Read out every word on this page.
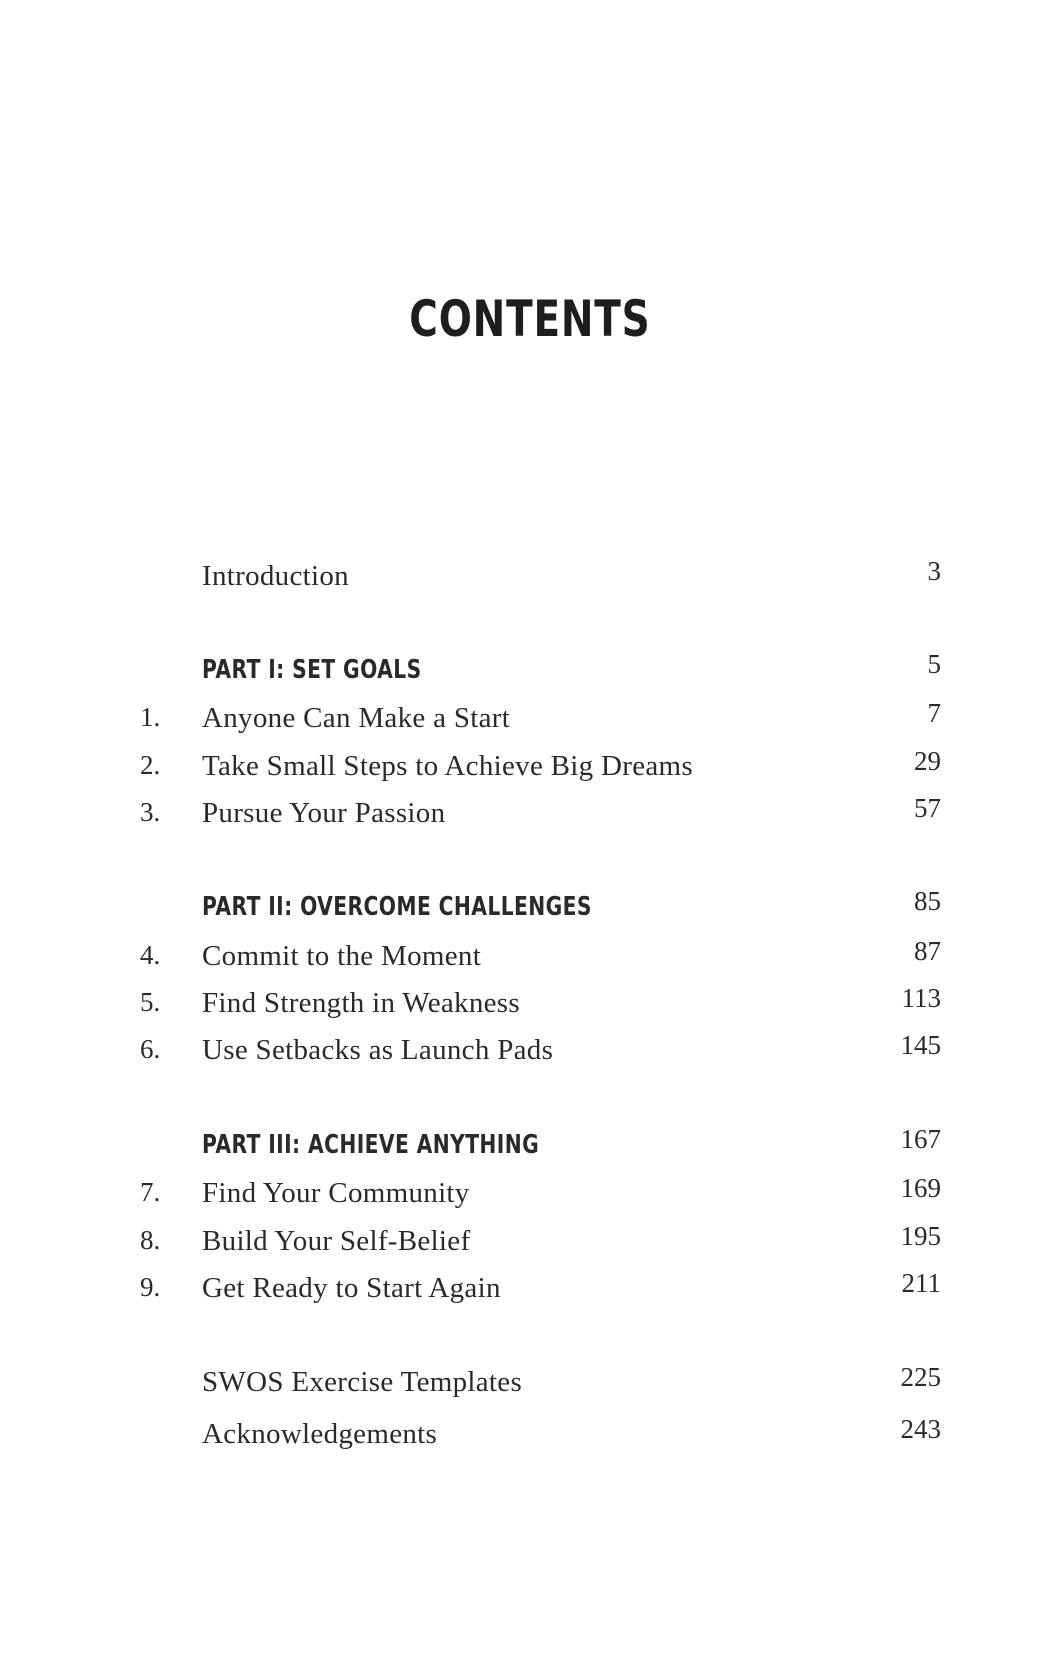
CONTENTS
Introduction	3
PART I: SET GOALS	5
1. Anyone Can Make a Start	7
2. Take Small Steps to Achieve Big Dreams	29
3. Pursue Your Passion	57
PART II: OVERCOME CHALLENGES	85
4. Commit to the Moment	87
5. Find Strength in Weakness	113
6. Use Setbacks as Launch Pads	145
PART III: ACHIEVE ANYTHING	167
7. Find Your Community	169
8. Build Your Self-Belief	195
9. Get Ready to Start Again	211
SWOS Exercise Templates	225
Acknowledgements	243
